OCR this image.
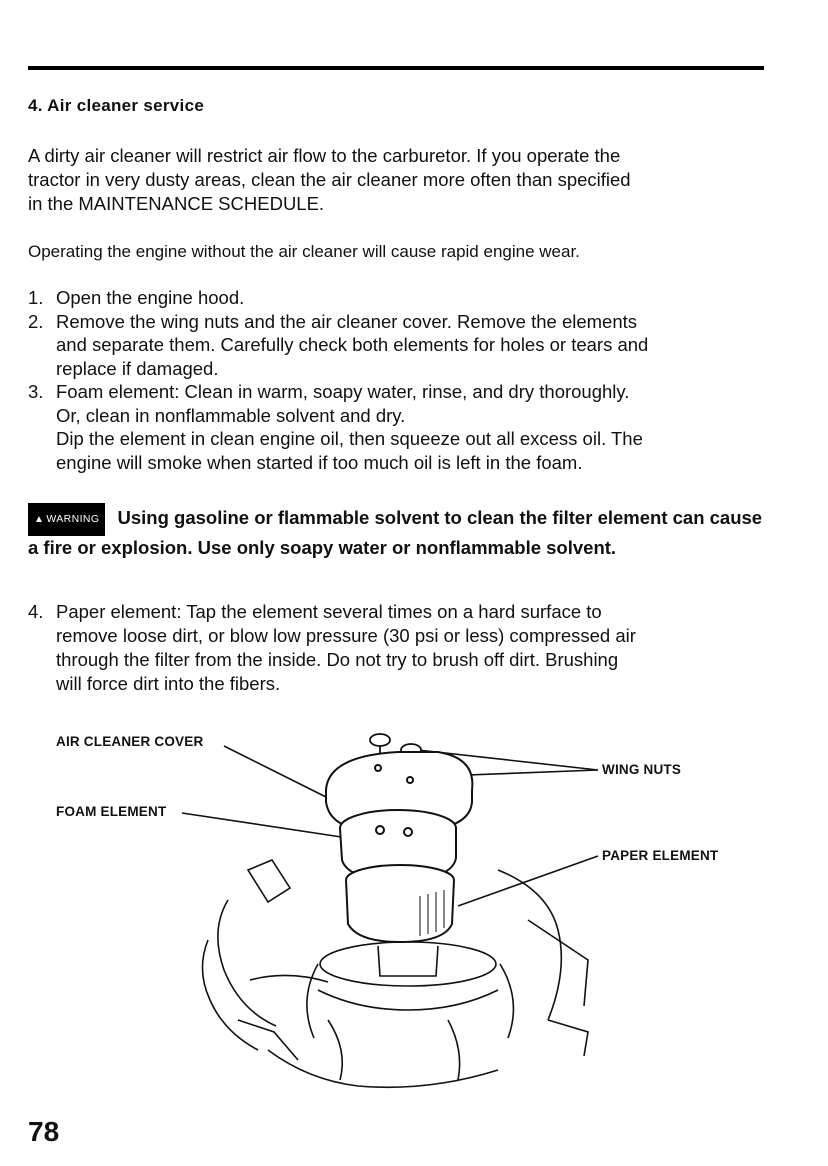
4. Air cleaner service
A dirty air cleaner will restrict air flow to the carburetor. If you operate the
tractor in very dusty areas, clean the air cleaner more often than specified
in the MAINTENANCE SCHEDULE.
Operating the engine without the air cleaner will cause rapid engine wear.
1. Open the engine hood.
2. Remove the wing nuts and the air cleaner cover. Remove the elements
and separate them. Carefully check both elements for holes or tears and
replace if damaged.
3. Foam element: Clean in warm, soapy water, rinse, and dry thoroughly.
Or, clean in nonflammable solvent and dry.
Dip the element in clean engine oil, then squeeze out all excess oil. The
engine will smoke when started if too much oil is left in the foam.
▲ WARNING Using gasoline or flammable solvent to clean the filter element can cause a fire or explosion. Use only soapy water or nonflammable solvent.
4. Paper element: Tap the element several times on a hard surface to
remove loose dirt, or blow low pressure (30 psi or less) compressed air
through the filter from the inside. Do not try to brush off dirt. Brushing
will force dirt into the fibers.
AIR CLEANER COVER
FOAM ELEMENT
WING NUTS
PAPER ELEMENT
78
